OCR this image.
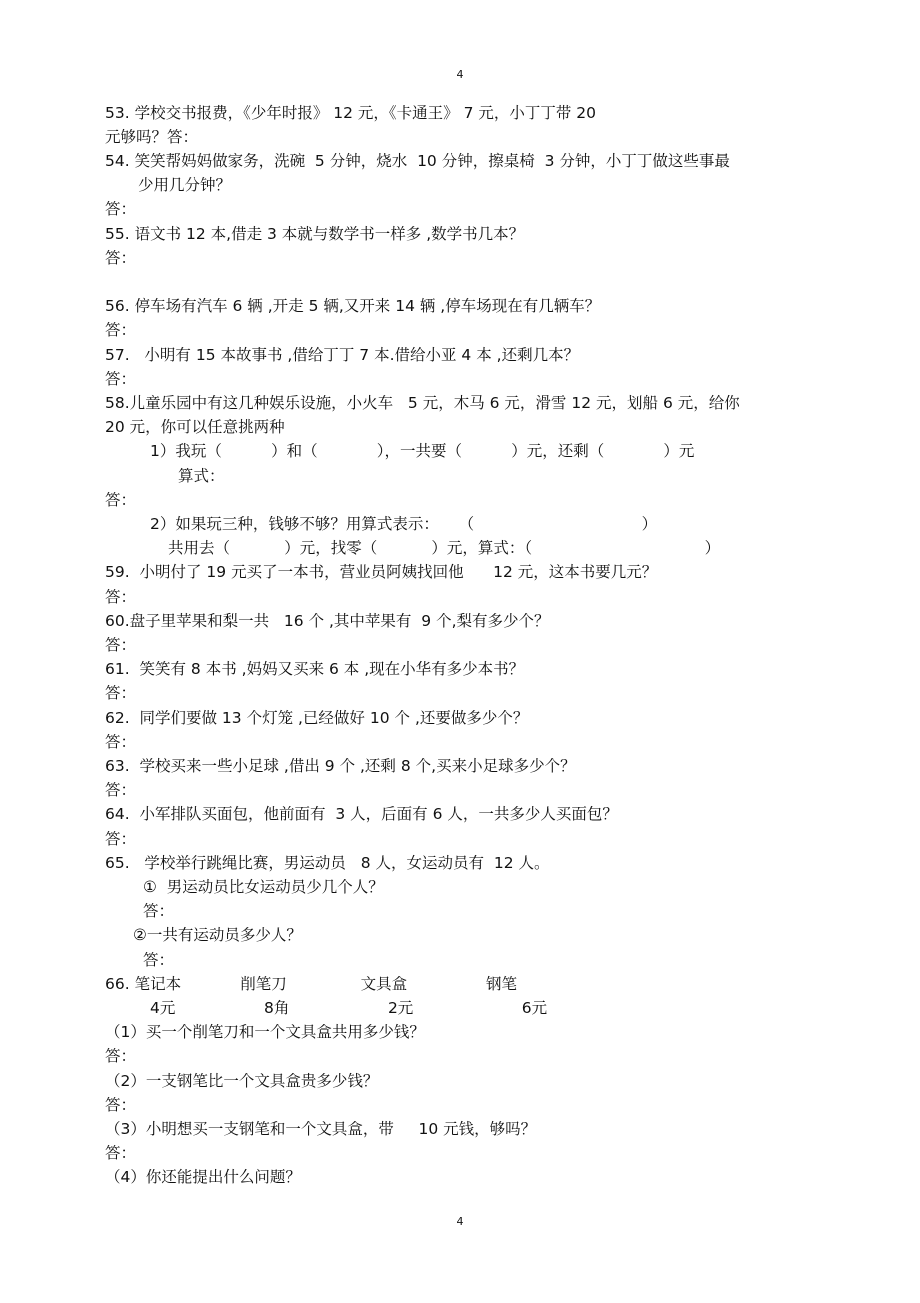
4
53. 学校交书报费，《少年时报》 12 元，《卡通王》 7 元，小丁丁带 20
元够吗？答：
54. 笑笑帮妈妈做家务，洗碗  5 分钟，烧水  10 分钟，擦桌椅  3 分钟，小丁丁做这些事最
少用几分钟？
答：
55. 语文书 12 本,借走 3 本就与数学书一样多 ,数学书几本？
答：
56. 停车场有汽车 6 辆 ,开走 5 辆,又开来 14 辆 ,停车场现在有几辆车？
答：
57.   小明有 15 本故事书 ,借给丁丁 7 本.借给小亚 4 本 ,还剩几本？
答：
58.儿童乐园中有这几种娱乐设施，小火车   5 元，木马 6 元，滑雪 12 元，划船 6 元，给你
20 元，你可以任意挑两种
1）我玩（          ）和（            ），一共要（          ）元，还剩（            ）元
算式：
答：
2）如果玩三种，钱够不够？用算式表示：    （                                  ）
共用去（           ）元，找零（           ）元，算式：（                                   ）
59.  小明付了 19 元买了一本书，营业员阿姨找回他      12 元，这本书要几元？
答：
60.盘子里苹果和梨一共   16 个 ,其中苹果有  9 个,梨有多少个？
答：
61.  笑笑有 8 本书 ,妈妈又买来 6 本 ,现在小华有多少本书？
答：
62.  同学们要做 13 个灯笼 ,已经做好 10 个 ,还要做多少个？
答：
63.  学校买来一些小足球 ,借出 9 个 ,还剩 8 个,买来小足球多少个？
答：
64.  小军排队买面包，他前面有  3 人，后面有 6 人，一共多少人买面包？
答：
65.   学校举行跳绳比赛，男运动员   8 人，女运动员有  12 人。
①  男运动员比女运动员少几个人？
答：
②一共有运动员多少人？
答：
66. 笔记本            削笔刀               文具盒                钢笔
4元                  8角                    2元                      6元
（1）买一个削笔刀和一个文具盒共用多少钱？
答：
（2）一支钢笔比一个文具盒贵多少钱？
答：
（3）小明想买一支钢笔和一个文具盒，带     10 元钱，够吗？
答：
（4）你还能提出什么问题？
4
